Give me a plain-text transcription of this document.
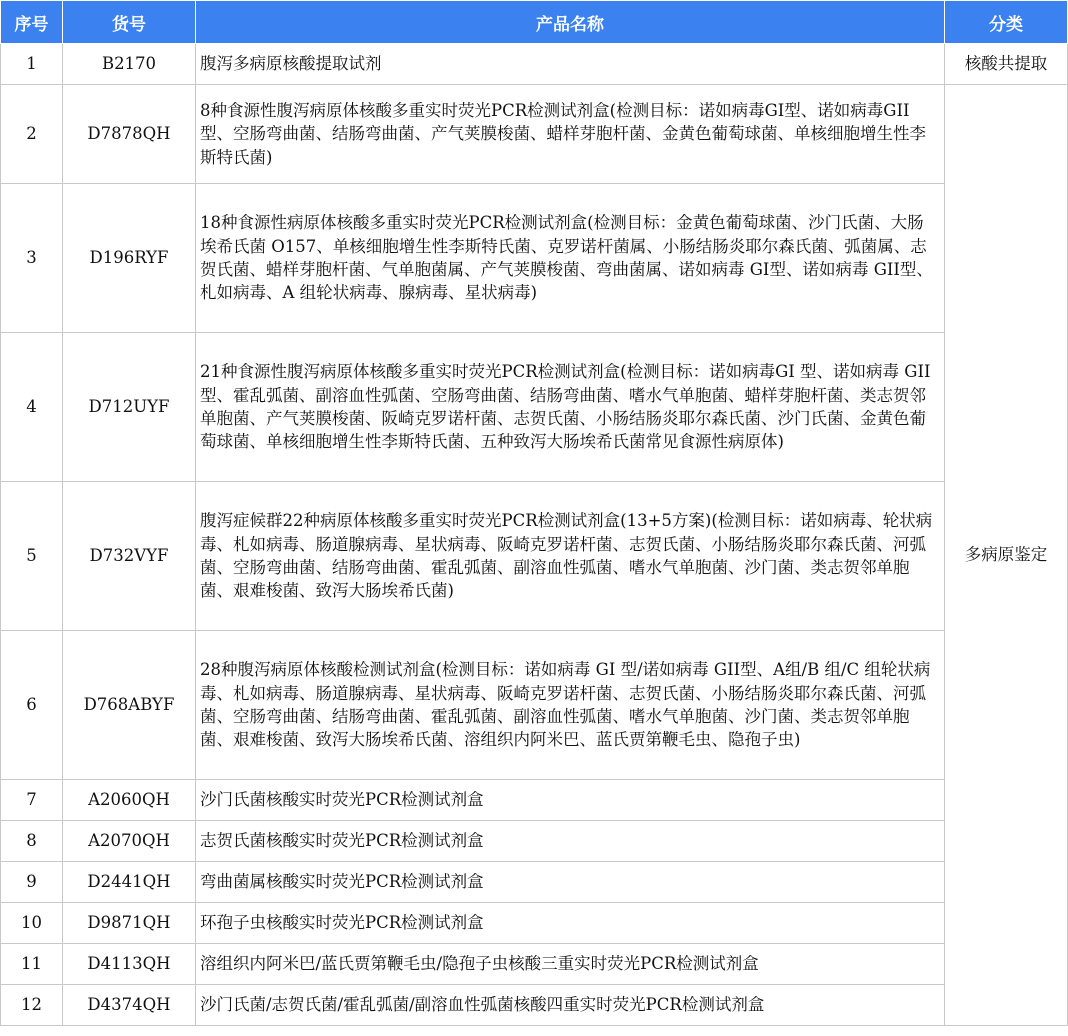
序号	货号	产品名称	分类
1	B2170	腹泻多病原核酸提取试剂	核酸共提取
2	D7878QH	8种食源性腹泻病原体核酸多重实时荧光PCR检测试剂盒(检测目标：诺如病毒GI型、诺如病毒GII型、空肠弯曲菌、结肠弯曲菌、产气荚膜梭菌、蜡样芽胞杆菌、金黄色葡萄球菌、单核细胞增生性李斯特氏菌)	多病原鉴定
3	D196RYF	18种食源性病原体核酸多重实时荧光PCR检测试剂盒(检测目标：金黄色葡萄球菌、沙门氏菌、大肠埃希氏菌 O157、单核细胞增生性李斯特氏菌、克罗诺杆菌属、小肠结肠炎耶尔森氏菌、弧菌属、志贺氏菌、蜡样芽胞杆菌、气单胞菌属、产气荚膜梭菌、弯曲菌属、诺如病毒 GI型、诺如病毒 GII型、札如病毒、A 组轮状病毒、腺病毒、星状病毒)	

4	D712UYF	21种食源性腹泻病原体核酸多重实时荧光PCR检测试剂盒(检测目标：诺如病毒GI 型、诺如病毒 GII 型、霍乱弧菌、副溶血性弧菌、空肠弯曲菌、结肠弯曲菌、嗜水气单胞菌、蜡样芽胞杆菌、类志贺邻单胞菌、产气荚膜梭菌、阪崎克罗诺杆菌、志贺氏菌、小肠结肠炎耶尔森氏菌、沙门氏菌、金黄色葡萄球菌、单核细胞增生性李斯特氏菌、五种致泻大肠埃希氏菌常见食源性病原体)	

5	D732VYF	腹泻症候群22种病原体核酸多重实时荧光PCR检测试剂盒(13+5方案)(检测目标：诺如病毒、轮状病毒、札如病毒、肠道腺病毒、星状病毒、阪崎克罗诺杆菌、志贺氏菌、小肠结肠炎耶尔森氏菌、河弧菌、空肠弯曲菌、结肠弯曲菌、霍乱弧菌、副溶血性弧菌、嗜水气单胞菌、沙门菌、类志贺邻单胞菌、艰难梭菌、致泻大肠埃希氏菌)	

6	D768ABYF	28种腹泻病原体核酸检测试剂盒(检测目标：诺如病毒 GI 型/诺如病毒 GII型、A组/B 组/C 组轮状病毒、札如病毒、肠道腺病毒、星状病毒、阪崎克罗诺杆菌、志贺氏菌、小肠结肠炎耶尔森氏菌、河弧菌、空肠弯曲菌、结肠弯曲菌、霍乱弧菌、副溶血性弧菌、嗜水气单胞菌、沙门菌、类志贺邻单胞菌、艰难梭菌、致泻大肠埃希氏菌、溶组织内阿米巴、蓝氏贾第鞭毛虫、隐孢子虫)	

7	A2060QH	沙门氏菌核酸实时荧光PCR检测试剂盒	

8	A2070QH	志贺氏菌核酸实时荧光PCR检测试剂盒	

9	D2441QH	弯曲菌属核酸实时荧光PCR检测试剂盒	

10	D9871QH	环孢子虫核酸实时荧光PCR检测试剂盒	

11	D4113QH	溶组织内阿米巴/蓝氏贾第鞭毛虫/隐孢子虫核酸三重实时荧光PCR检测试剂盒	

12	D4374QH	沙门氏菌/志贺氏菌/霍乱弧菌/副溶血性弧菌核酸四重实时荧光PCR检测试剂盒	
